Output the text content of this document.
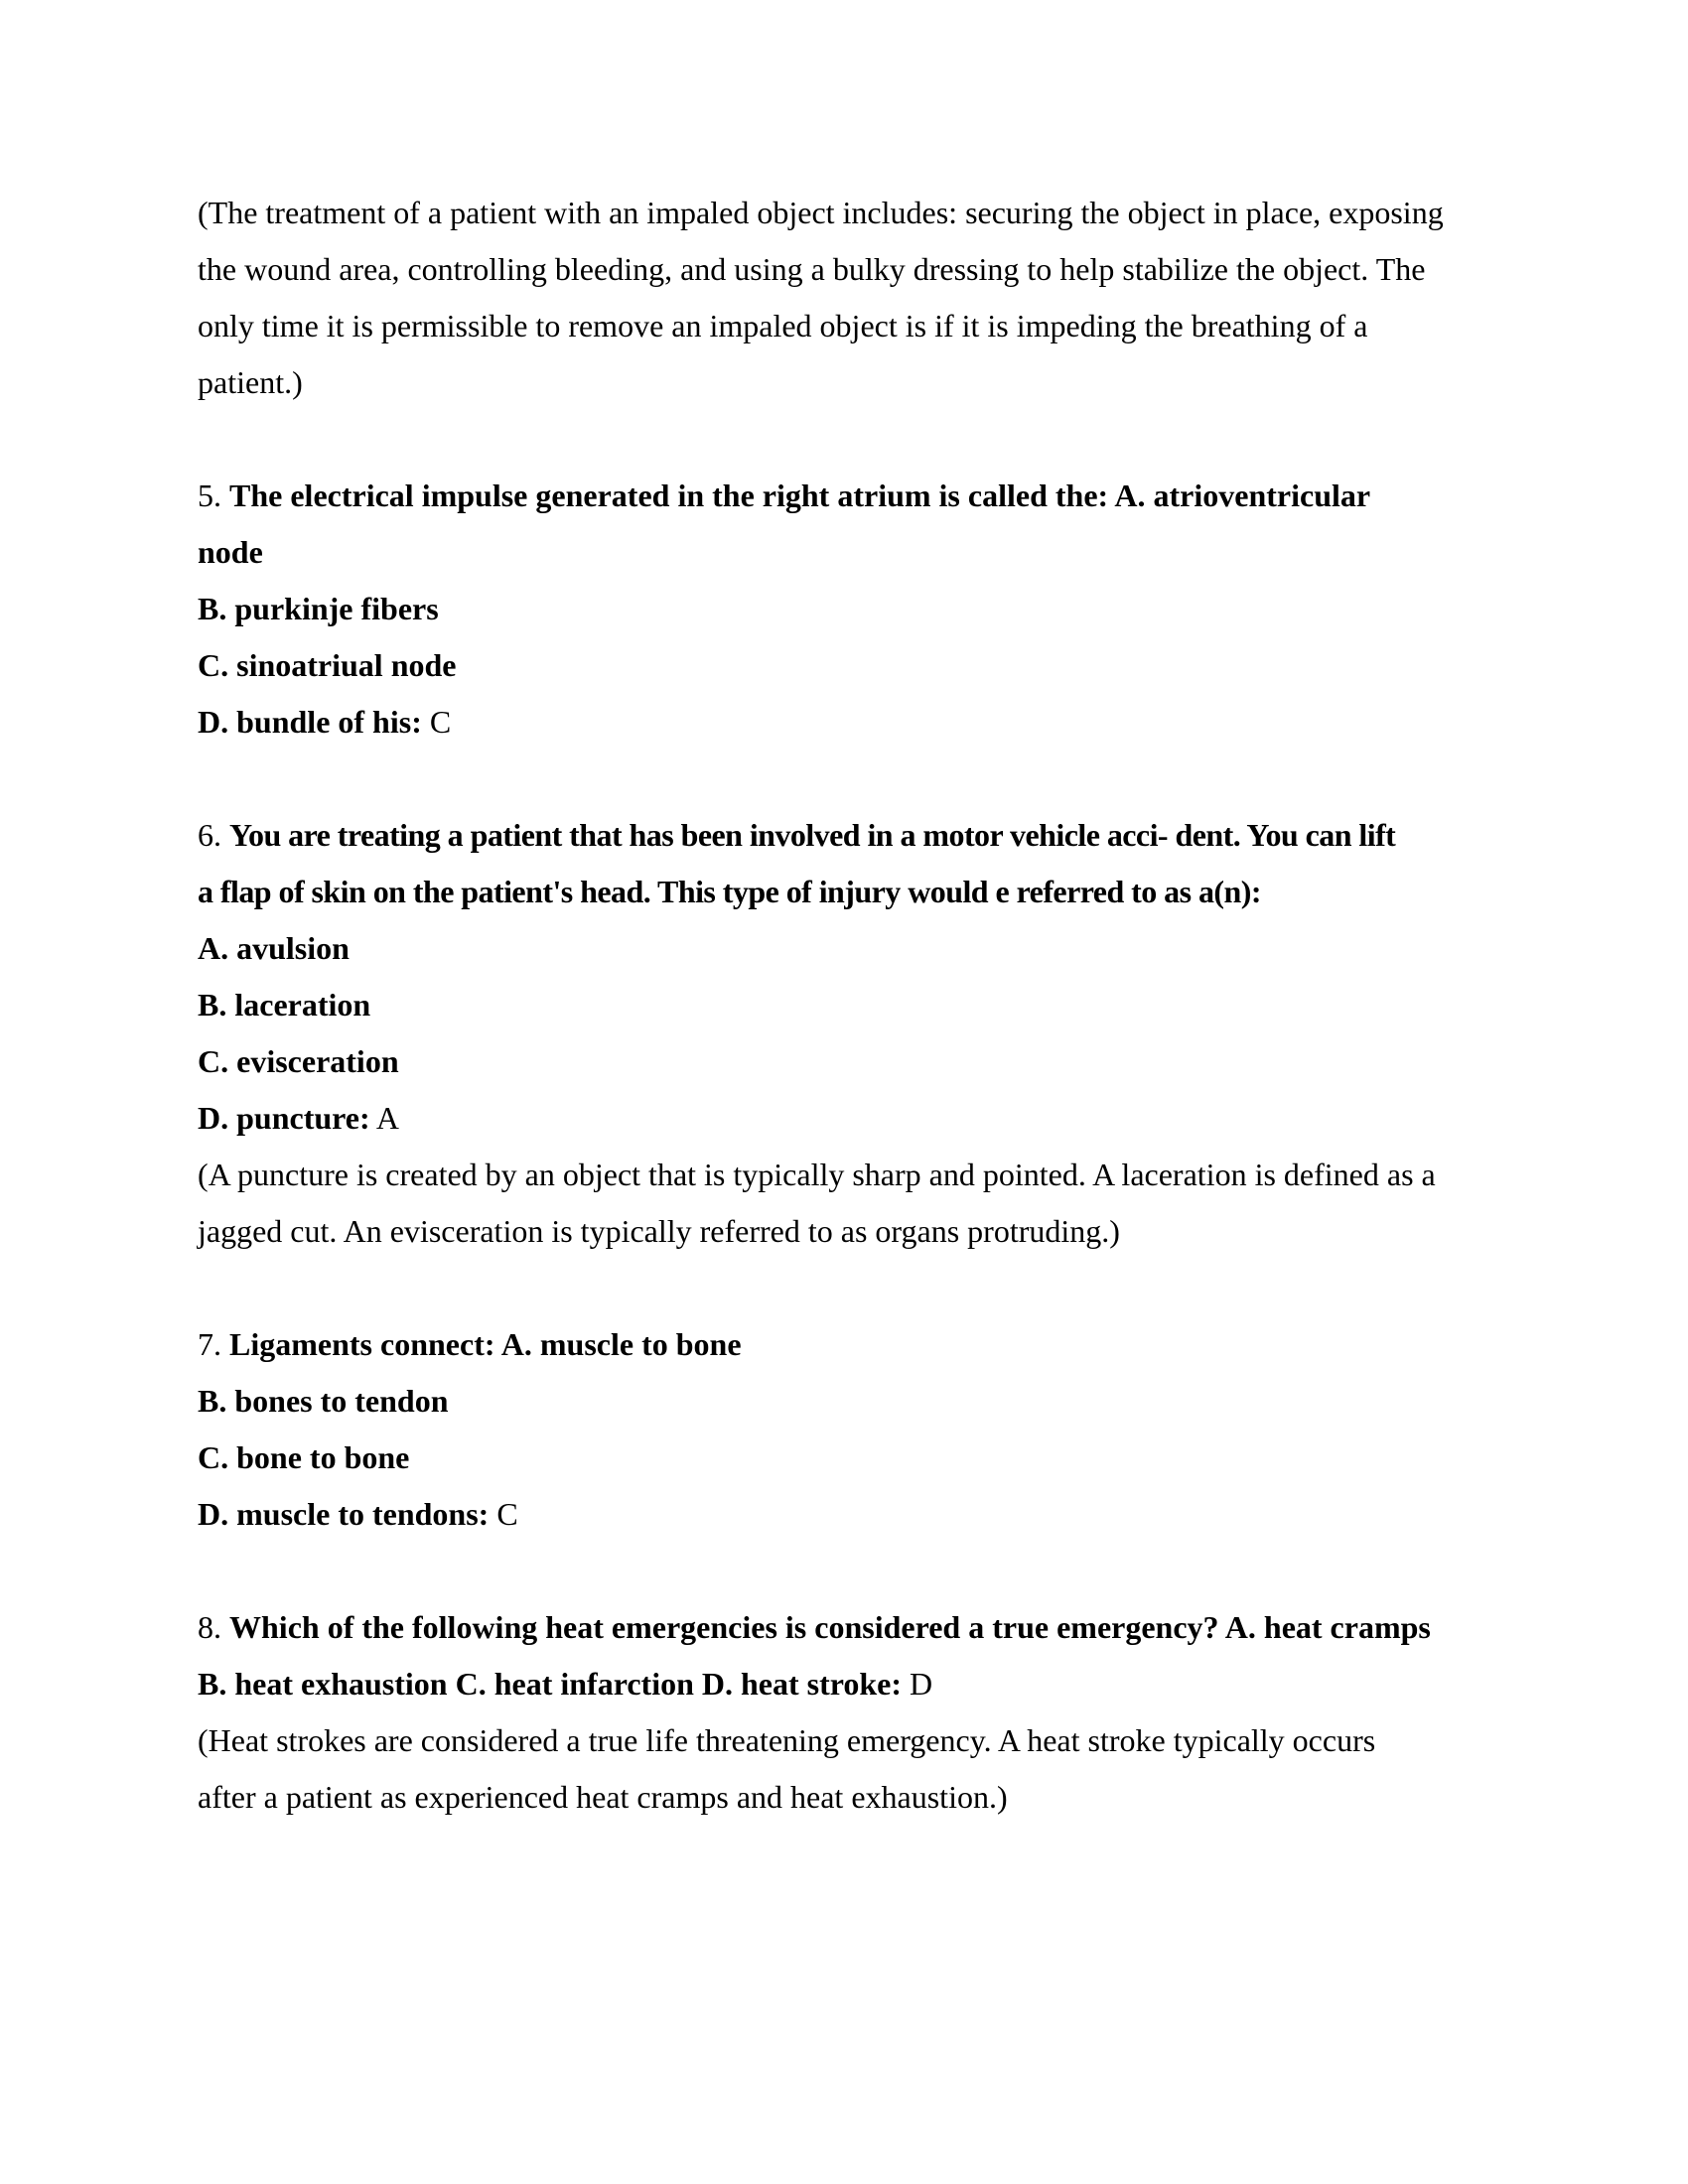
(The treatment of a patient with an impaled object includes: securing the object in place, exposing
the wound area, controlling bleeding, and using a bulky dressing to help stabilize the object. The
only time it is permissible to remove an impaled object is if it is impeding the breathing of a
patient.)
5. The electrical impulse generated in the right atrium is called the: A. atrioventricular
node
B. purkinje fibers
C. sinoatriual node
D. bundle of his: C
6. You are treating a patient that has been involved in a motor vehicle acci- dent. You can lift
a flap of skin on the patient's head. This type of injury would e referred to as a(n):
A. avulsion
B. laceration
C. evisceration
D. puncture: A
(A puncture is created by an object that is typically sharp and pointed. A laceration is defined as a
jagged cut. An evisceration is typically referred to as organs protruding.)
7. Ligaments connect: A. muscle to bone
B. bones to tendon
C. bone to bone
D. muscle to tendons: C
8. Which of the following heat emergencies is considered a true emergency? A. heat cramps
B. heat exhaustion C. heat infarction D. heat stroke: D
(Heat strokes are considered a true life threatening emergency. A heat stroke typically occurs
after a patient as experienced heat cramps and heat exhaustion.)
